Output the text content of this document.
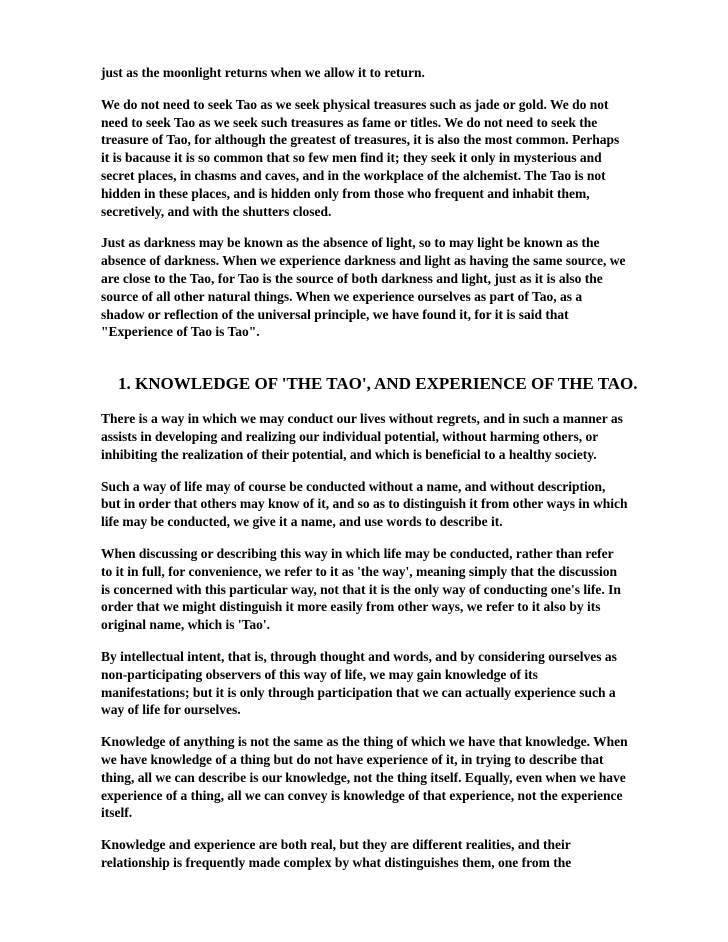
just as the moonlight returns when we allow it to return.

We do not need to seek Tao as we seek physical treasures such as jade or gold. We do not need to seek Tao as we seek such treasures as fame or titles. We do not need to seek the treasure of Tao, for although the greatest of treasures, it is also the most common. Perhaps it is bacause it is so common that so few men find it; they seek it only in mysterious and secret places, in chasms and caves, and in the workplace of the alchemist. The Tao is not hidden in these places, and is hidden only from those who frequent and inhabit them, secretively, and with the shutters closed.

Just as darkness may be known as the absence of light, so to may light be known as the absence of darkness. When we experience darkness and light as having the same source, we are close to the Tao, for Tao is the source of both darkness and light, just as it is also the source of all other natural things. When we experience ourselves as part of Tao, as a shadow or reflection of the universal principle, we have found it, for it is said that "Experience of Tao is Tao".

1. KNOWLEDGE OF 'THE TAO', AND EXPERIENCE OF THE TAO.

There is a way in which we may conduct our lives without regrets, and in such a manner as assists in developing and realizing our individual potential, without harming others, or inhibiting the realization of their potential, and which is beneficial to a healthy society.

Such a way of life may of course be conducted without a name, and without description, but in order that others may know of it, and so as to distinguish it from other ways in which life may be conducted, we give it a name, and use words to describe it.

When discussing or describing this way in which life may be conducted, rather than refer to it in full, for convenience, we refer to it as 'the way', meaning simply that the discussion is concerned with this particular way, not that it is the only way of conducting one's life. In order that we might distinguish it more easily from other ways, we refer to it also by its original name, which is 'Tao'.

By intellectual intent, that is, through thought and words, and by considering ourselves as non-participating observers of this way of life, we may gain knowledge of its manifestations; but it is only through participation that we can actually experience such a way of life for ourselves.

Knowledge of anything is not the same as the thing of which we have that knowledge. When we have knowledge of a thing but do not have experience of it, in trying to describe that thing, all we can describe is our knowledge, not the thing itself. Equally, even when we have experience of a thing, all we can convey is knowledge of that experience, not the experience itself.

Knowledge and experience are both real, but they are different realities, and their relationship is frequently made complex by what distinguishes them, one from the
